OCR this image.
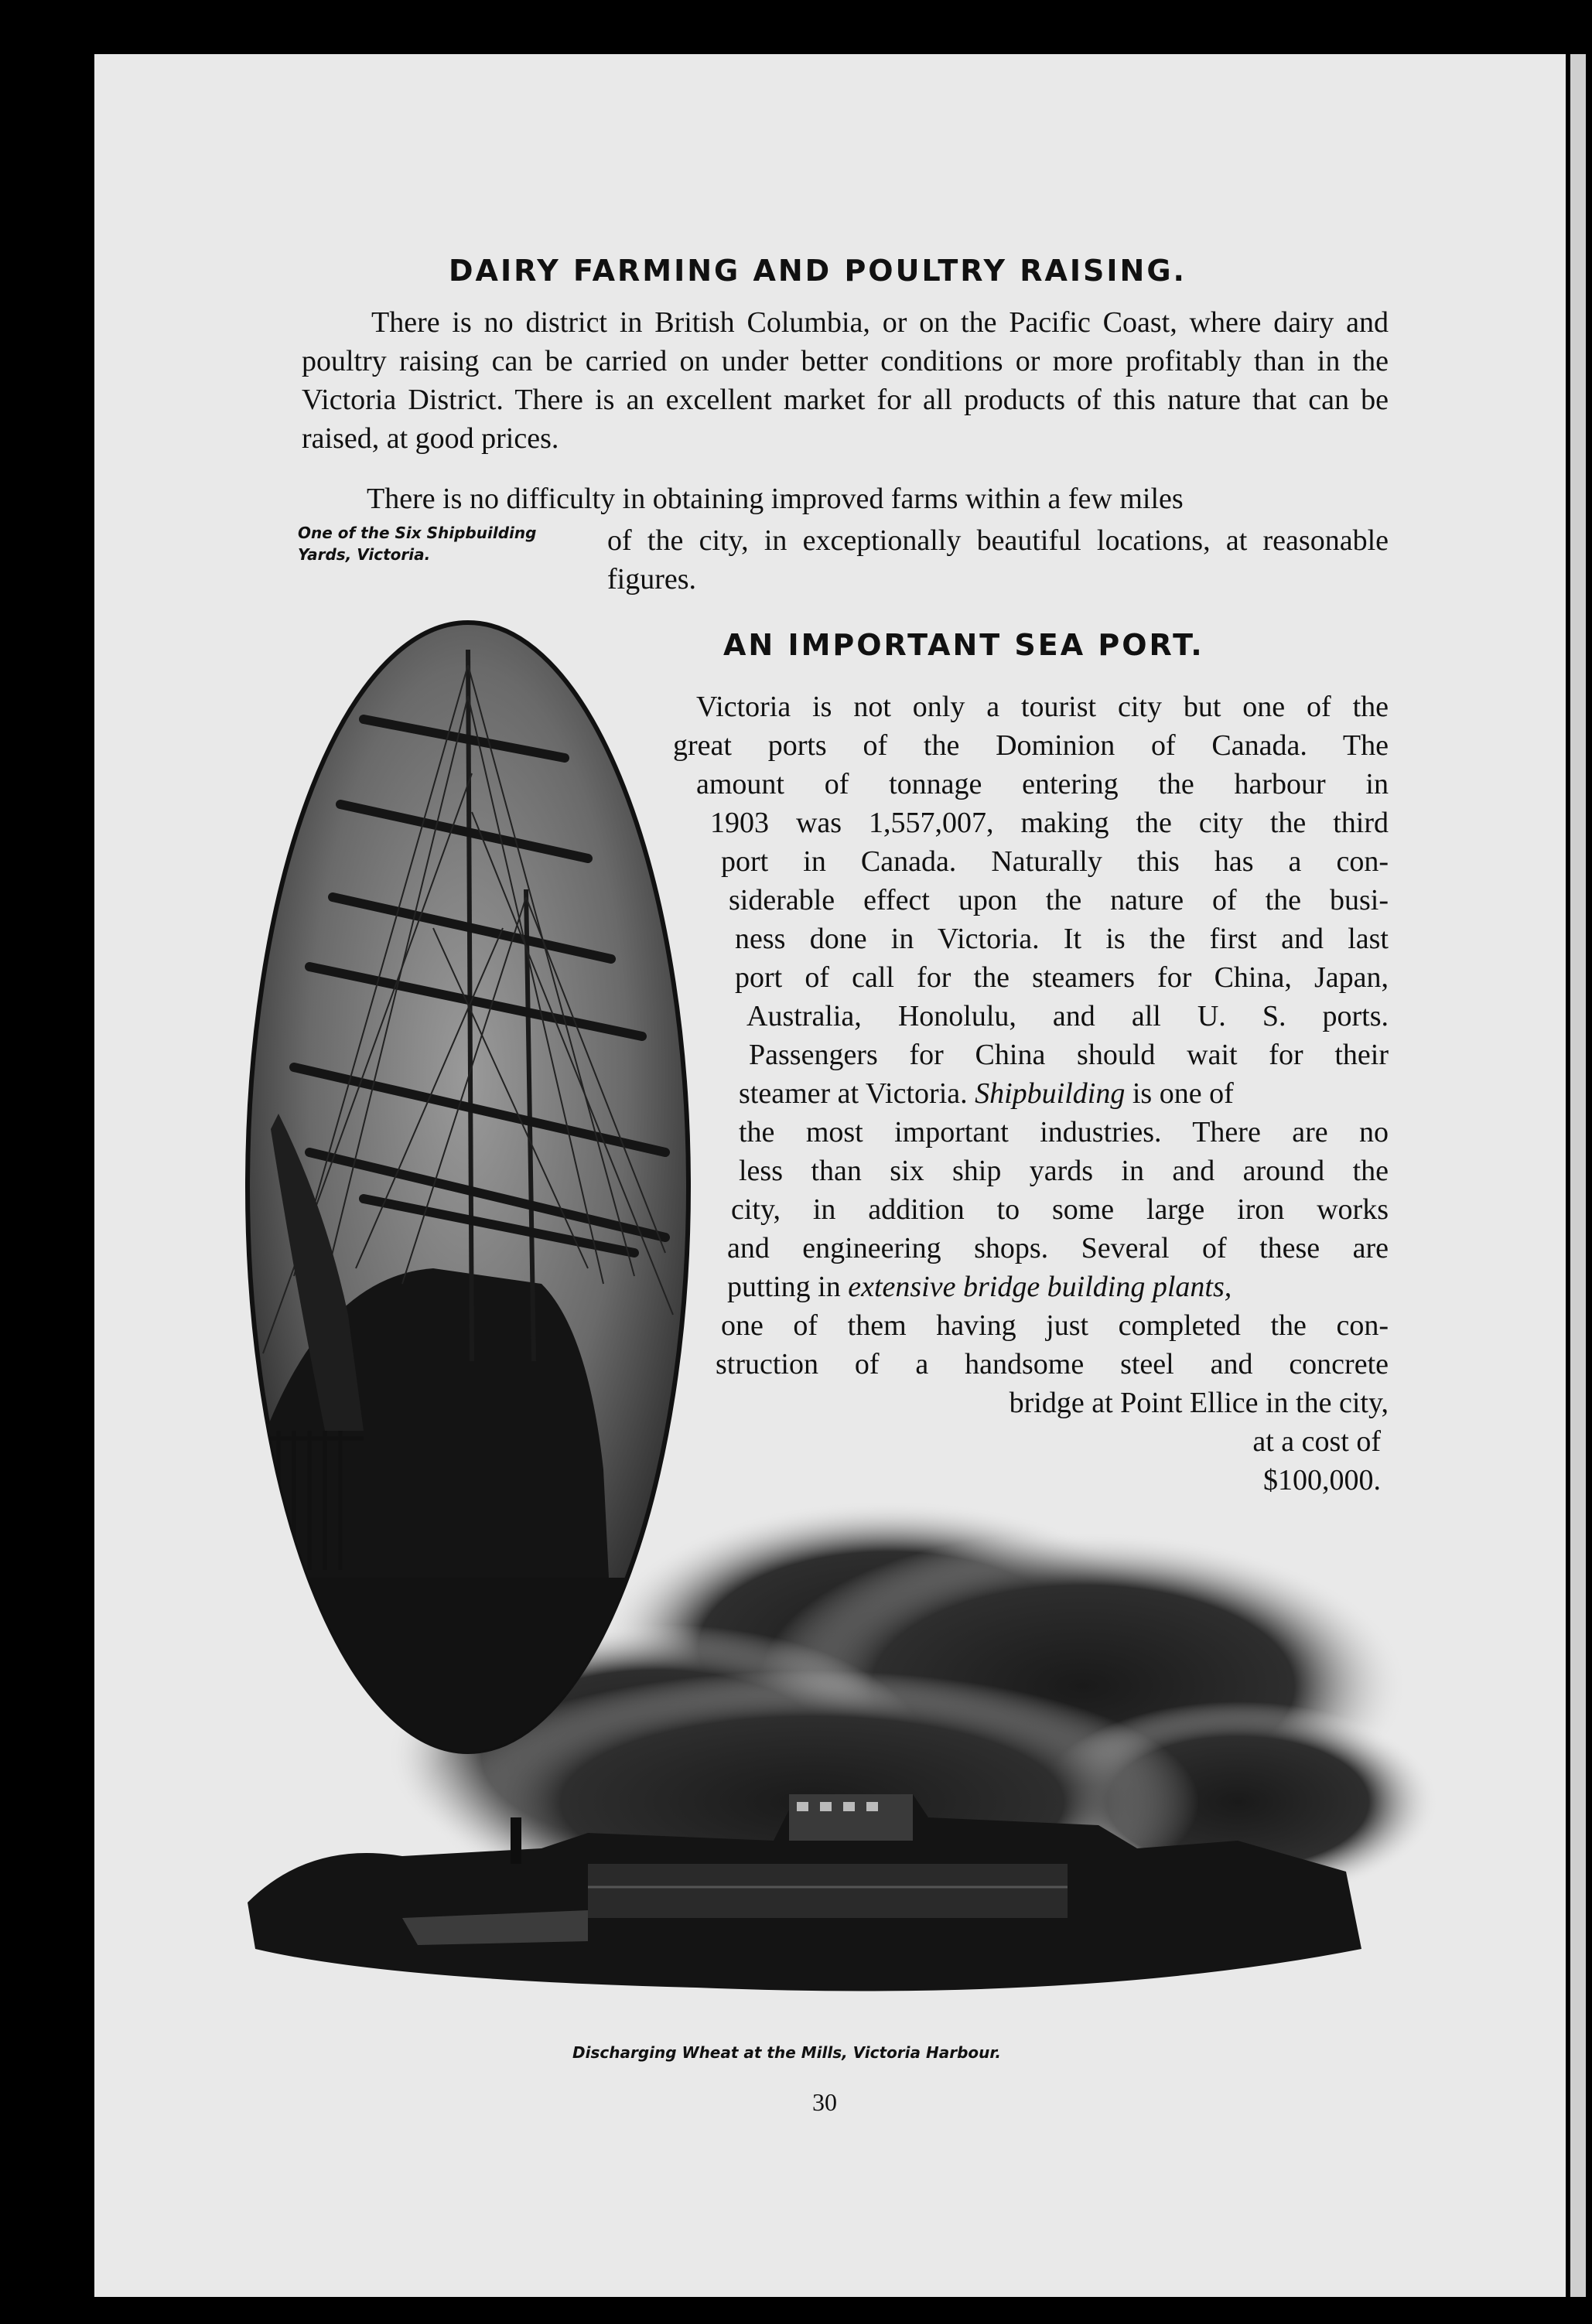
DAIRY FARMING AND POULTRY RAISING.
There is no district in British Columbia, or on the Pacific Coast, where dairy and poultry raising can be carried on under better conditions or more profitably than in the Victoria District. There is an excellent market for all products of this nature that can be raised, at good prices.
There is no difficulty in obtaining improved farms within a few miles
of the city, in exceptionally beautiful locations, at reasonable figures.
One of the Six Shipbuilding Yards, Victoria.
AN IMPORTANT SEA PORT.
Victoria is not only a tourist city but one of the
great ports of the Dominion of Canada. The
amount of tonnage entering the harbour in
1903 was 1,557,007, making the city the third
port in Canada. Naturally this has a con-
siderable effect upon the nature of the busi-
ness done in Victoria. It is the first and last
port of call for the steamers for China, Japan,
Australia, Honolulu, and all U. S. ports.
Passengers for China should wait for their
steamer at Victoria. Shipbuilding is one of
the most important industries. There are no
less than six ship yards in and around the
city, in addition to some large iron works
and engineering shops. Several of these are
putting in extensive bridge building plants,
one of them having just completed the con-
struction of a handsome steel and concrete
bridge at Point Ellice in the city,
at a cost of
$100,000.
Discharging Wheat at the Mills, Victoria Harbour.
30
